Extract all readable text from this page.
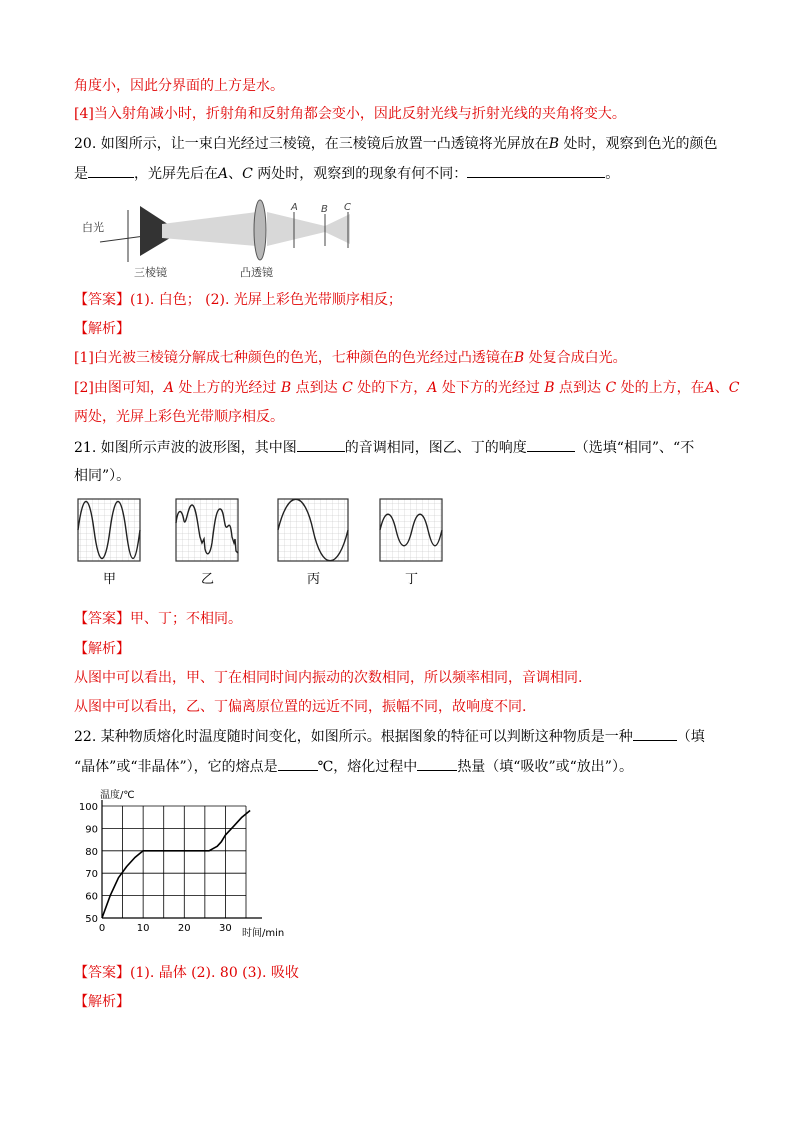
角度小，因此分界面的上方是水。
[4]当入射角减小时，折射角和反射角都会变小，因此反射光线与折射光线的夹角将变大。
20. 如图所示，让一束白光经过三棱镜，在三棱镜后放置一凸透镜将光屏放在B 处时，观察到色光的颜色
是	，光屏先后在A、C 两处时，观察到的现象有何不同：	。
白光
A B C
三棱镜	凸透镜
【答案】(1). 白色； (2). 光屏上彩色光带顺序相反；
【解析】
[1]白光被三棱镜分解成七种颜色的色光，七种颜色的色光经过凸透镜在B 处复合成白光。
[2]由图可知，A 处上方的光经过 B 点到达 C 处的下方，A 处下方的光经过 B 点到达 C 处的上方，在A、C
两处，光屏上彩色光带顺序相反。
21. 如图所示声波的波形图，其中图	的音调相同，图乙、丁的响度	（选填“相同”、“不
相同”）。
甲	乙	丙	丁
【答案】甲、丁；不相同。
【解析】
从图中可以看出，甲、丁在相同时间内振动的次数相同，所以频率相同，音调相同.
从图中可以看出，乙、丁偏离原位置的远近不同，振幅不同，故响度不同.
22. 某种物质熔化时温度随时间变化，如图所示。根据图象的特征可以判断这种物质是一种	（填
“晶体”或“非晶体”），它的熔点是	℃，熔化过程中	热量（填“吸收”或“放出”）。
温度/℃
时间/min
50
60
70
80
90
100
0	10	20	30
【答案】(1). 晶体 (2). 80 (3). 吸收
【解析】
